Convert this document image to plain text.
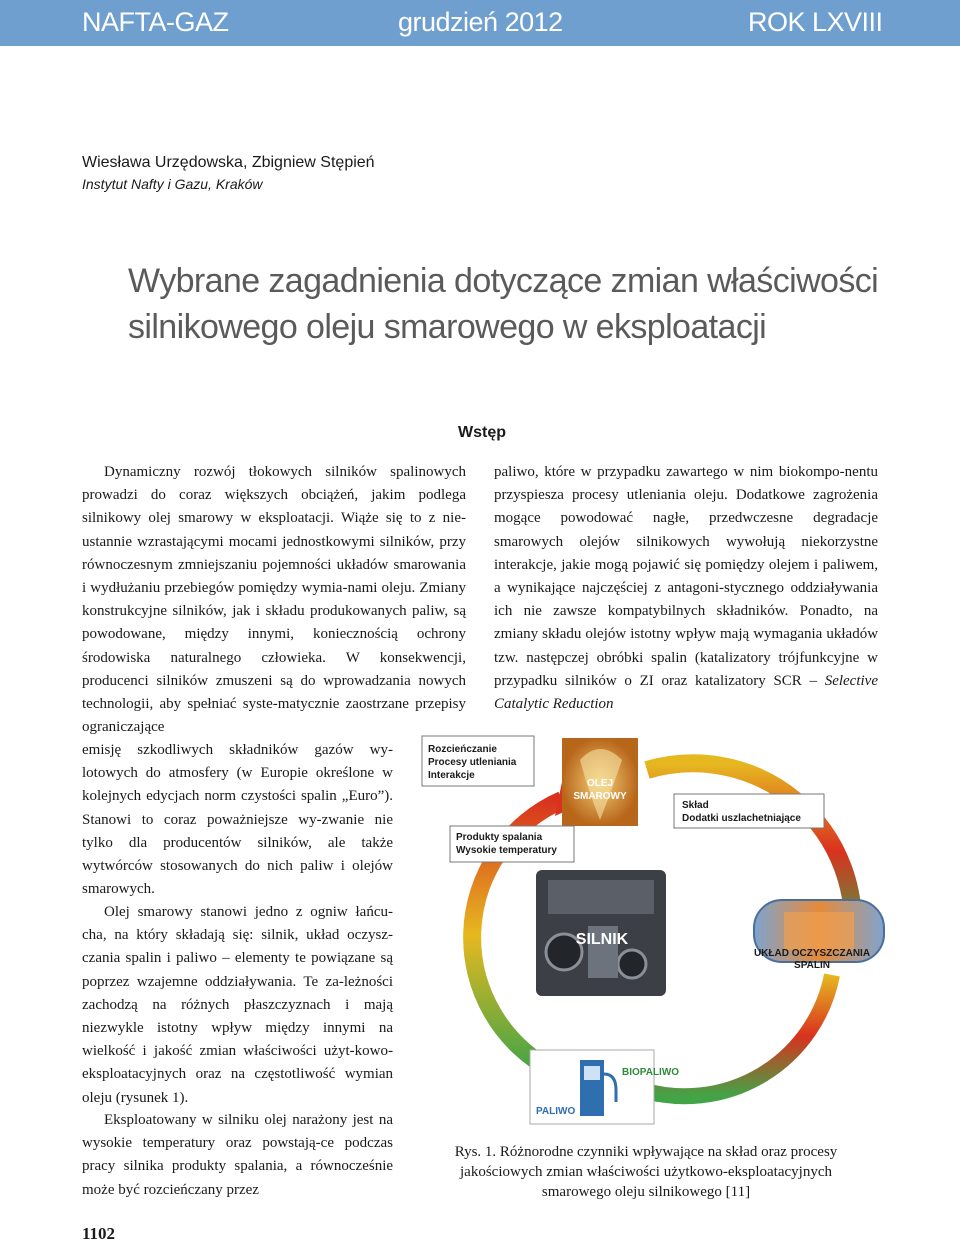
NAFTA-GAZ	grudzień 2012	ROK LXVIII
Wiesława Urzędowska, Zbigniew Stępień
Instytut Nafty i Gazu, Kraków
Wybrane zagadnienia dotyczące zmian właściwości
silnikowego oleju smarowego w eksploatacji
Wstęp

Dynamiczny rozwój tłokowych silników spalinowych prowadzi do coraz większych obciążeń, jakim podlega silnikowy olej smarowy w eksploatacji. Wiąże się to z nie-ustannie wzrastającymi mocami jednostkowymi silników, przy równoczesnym zmniejszaniu pojemności układów smarowania i wydłużaniu przebiegów pomiędzy wymia-nami oleju. Zmiany konstrukcyjne silników, jak i składu produkowanych paliw, są powodowane, między innymi, koniecznością ochrony środowiska naturalnego człowieka. W konsekwencji, producenci silników zmuszeni są do wprowadzania nowych technologii, aby spełniać syste-matycznie zaostrzane przepisy ograniczające

emisję szkodliwych składników gazów wy-lotowych do atmosfery (w Europie określone w kolejnych edycjach norm czystości spalin „Euro”). Stanowi to coraz poważniejsze wy-zwanie nie tylko dla producentów silników, ale także wytwórców stosowanych do nich paliw i olejów smarowych.

Olej smarowy stanowi jedno z ogniw łańcu-cha, na który składają się: silnik, układ oczysz-czania spalin i paliwo – elementy te powiązane są poprzez wzajemne oddziaływania. Te za-leżności zachodzą na różnych płaszczyznach i mają niezwykle istotny wpływ między innymi na wielkość i jakość zmian właściwości użyt-kowo-eksploatacyjnych oraz na częstotliwość wymian oleju (rysunek 1).

Eksploatowany w silniku olej narażony jest na wysokie temperatury oraz powstają-ce podczas pracy silnika produkty spalania, a równocześnie może być rozcieńczany przez

paliwo, które w przypadku zawartego w nim biokompo-nentu przyspiesza procesy utleniania oleju. Dodatkowe zagrożenia mogące powodować nagłe, przedwczesne degradacje smarowych olejów silnikowych wywołują niekorzystne interakcje, jakie mogą pojawić się pomiędzy olejem i paliwem, a wynikające najczęściej z antagoni-stycznego oddziaływania ich nie zawsze kompatybilnych składników. Ponadto, na zmiany składu olejów istotny wpływ mają wymagania układów tzw. następczej obróbki spalin (katalizatory trójfunkcyjne w przypadku silników o ZI oraz katalizatory SCR – Selective Catalytic Reduction

Rozcieńczanie
Procesy utleniania
Interakcje
OLEJ
SMAROWY
Skład
Dodatki uszlachetniające
Produkty spalania
Wysokie temperatury
SILNIK
UKŁAD OCZYSZCZANIA
SPALIN
BIOPALIWO
PALIWO
Rys. 1. Różnorodne czynniki wpływające na skład oraz procesy
jakościowych zmian właściwości użytkowo-eksploatacyjnych
smarowego oleju silnikowego [11]
1102
